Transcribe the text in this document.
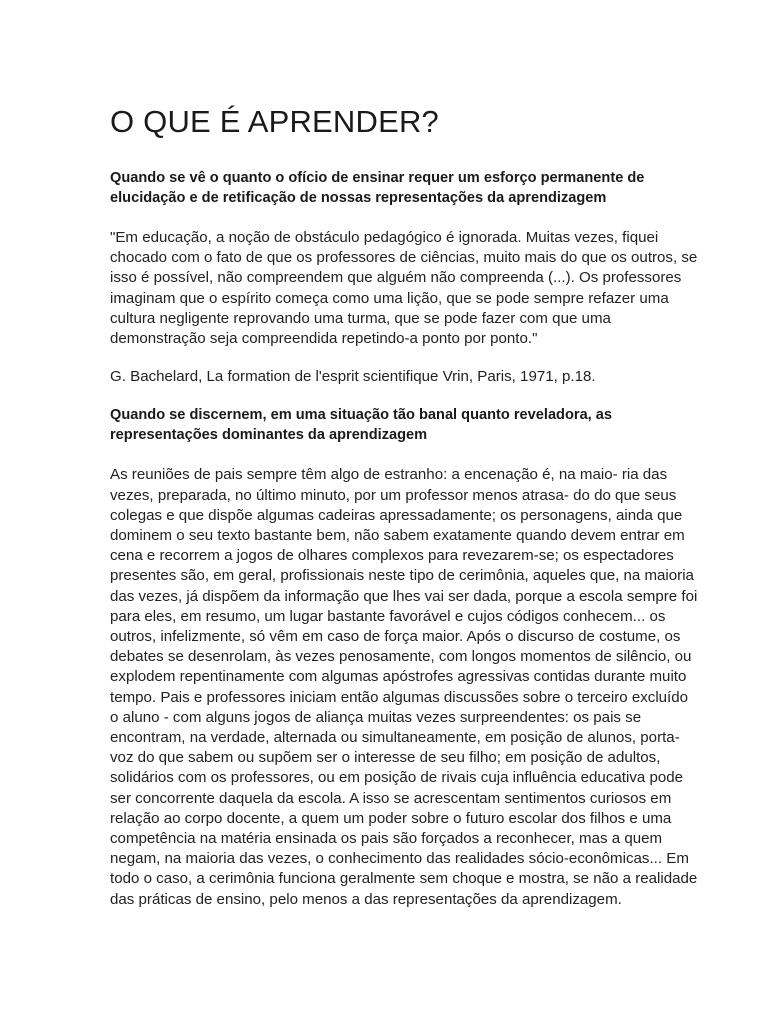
O QUE É APRENDER?

Quando se vê o quanto o ofício de ensinar requer um esforço permanente de elucidação e de retificação de nossas representações da aprendizagem

"Em educação, a noção de obstáculo pedagógico é ignorada. Muitas vezes, fiquei chocado com o fato de que os professores de ciências, muito mais do que os outros, se isso é possível, não compreendem que alguém não compreenda (...). Os professores imaginam que o espírito começa como uma lição, que se pode sempre refazer uma cultura negligente reprovando uma turma, que se pode fazer com que uma demonstração seja compreendida repetindo-a ponto por ponto."

G. Bachelard, La formation de l'esprit scientifique Vrin, Paris, 1971, p.18.

Quando se discernem, em uma situação tão banal quanto reveladora, as representações dominantes da aprendizagem

As reuniões de pais sempre têm algo de estranho: a encenação é, na maio- ria das vezes, preparada, no último minuto, por um professor menos atrasa- do do que seus colegas e que dispõe algumas cadeiras apressadamente; os personagens, ainda que dominem o seu texto bastante bem, não sabem exatamente quando devem entrar em cena e recorrem a jogos de olhares complexos para revezarem-se; os espectadores presentes são, em geral, profissionais neste tipo de cerimônia, aqueles que, na maioria das vezes, já dispõem da informação que lhes vai ser dada, porque a escola sempre foi para eles, em resumo, um lugar bastante favorável e cujos códigos conhecem... os outros, infelizmente, só vêm em caso de força maior. Após o discurso de costume, os debates se desenrolam, às vezes penosamente, com longos momentos de silêncio, ou explodem repentinamente com algumas apóstrofes agressivas contidas durante muito tempo. Pais e professores iniciam então algumas discussões sobre o terceiro excluído o aluno - com alguns jogos de aliança muitas vezes surpreendentes: os pais se encontram, na verdade, alternada ou simultaneamente, em posição de alunos, porta- voz do que sabem ou supõem ser o interesse de seu filho; em posição de adultos, solidários com os professores, ou em posição de rivais cuja influência educativa pode ser concorrente daquela da escola. A isso se acrescentam sentimentos curiosos em relação ao corpo docente, a quem um poder sobre o futuro escolar dos filhos e uma competência na matéria ensinada os pais são forçados a reconhecer, mas a quem negam, na maioria das vezes, o conhecimento das realidades sócio-econômicas... Em todo o caso, a cerimônia funciona geralmente sem choque e mostra, se não a realidade das práticas de ensino, pelo menos a das representações da aprendizagem.
